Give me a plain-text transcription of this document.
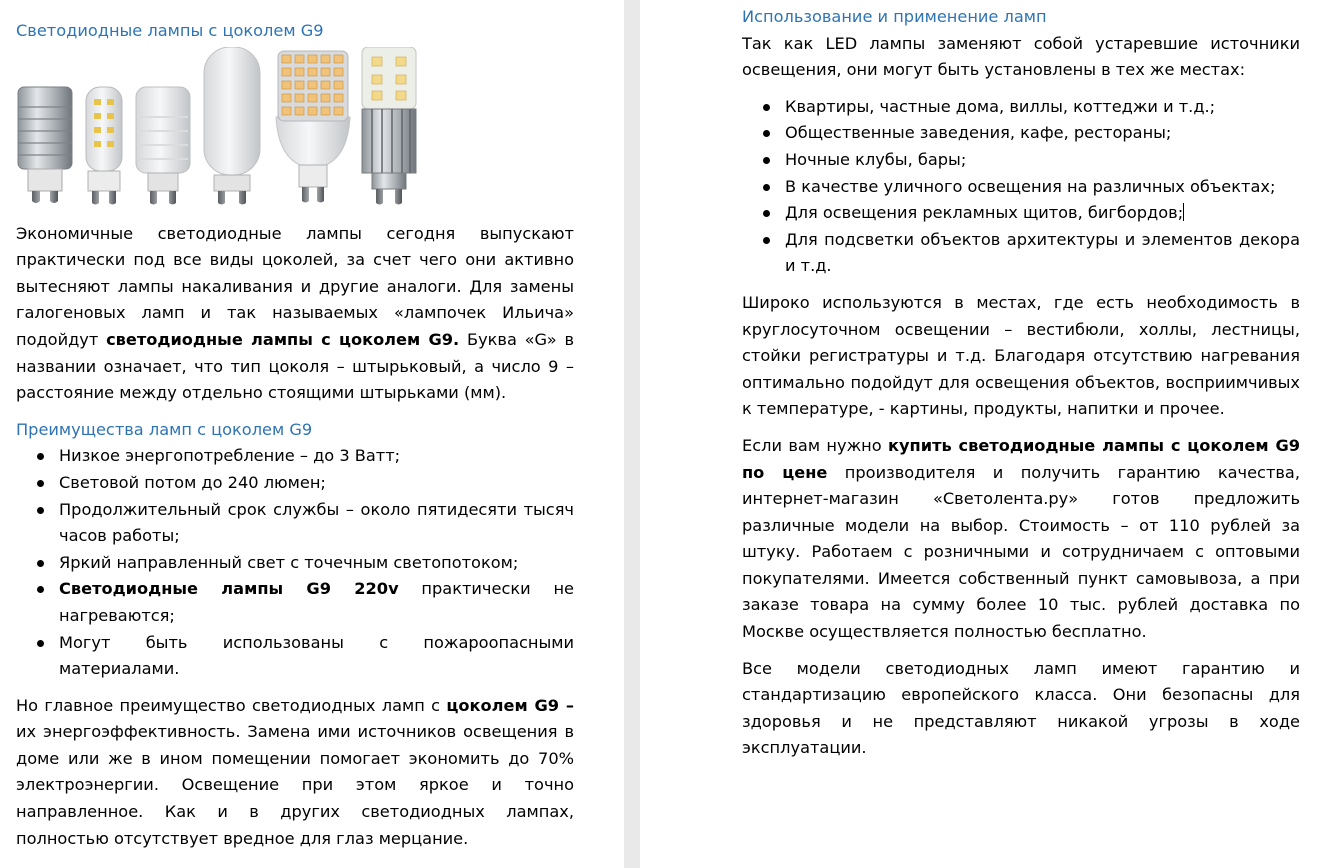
Светодиодные лампы с цоколем G9

Экономичные светодиодные лампы сегодня выпускают практически под все виды цоколей, за счет чего они активно вытесняют лампы накаливания и другие аналоги. Для замены галогеновых ламп и так называемых «лампочек Ильича» подойдут светодиодные лампы с цоколем G9. Буква «G» в названии означает, что тип цоколя – штырьковый, а число 9 – расстояние между отдельно стоящими штырьками (мм).

Преимущества ламп с цоколем G9
Низкое энергопотребление – до 3 Ватт;
Световой потом до 240 люмен;
Продолжительный срок службы – около пятидесяти тысяч часов работы;
Яркий направленный свет с точечным светопотоком;
Светодиодные лампы G9 220v практически не нагреваются;
Могут быть использованы с пожароопасными материалами.

Но главное преимущество светодиодных ламп с цоколем G9 – их энергоэффективность. Замена ими источников освещения в доме или же в ином помещении помогает экономить до 70% электроэнергии. Освещение при этом яркое и точно направленное. Как и в других светодиодных лампах, полностью отсутствует вредное для глаз мерцание.

Использование и применение ламп

Так как LED лампы заменяют собой устаревшие источники освещения, они могут быть установлены в тех же местах:

Квартиры, частные дома, виллы, коттеджи и т.д.;
Общественные заведения, кафе, рестораны;
Ночные клубы, бары;
В качестве уличного освещения на различных объектах;
Для освещения рекламных щитов, бигбордов;
Для подсветки объектов архитектуры и элементов декора и т.д.

Широко используются в местах, где есть необходимость в круглосуточном освещении – вестибюли, холлы, лестницы, стойки регистратуры и т.д. Благодаря отсутствию нагревания оптимально подойдут для освещения объектов, восприимчивых к температуре, - картины, продукты, напитки и прочее.

Если вам нужно купить светодиодные лампы с цоколем G9 по цене производителя и получить гарантию качества, интернет-магазин «Светолента.ру» готов предложить различные модели на выбор. Стоимость – от 110 рублей за штуку. Работаем с розничными и сотрудничаем с оптовыми покупателями. Имеется собственный пункт самовывоза, а при заказе товара на сумму более 10 тыс. рублей доставка по Москве осуществляется полностью бесплатно.

Все модели светодиодных ламп имеют гарантию и стандартизацию европейского класса. Они безопасны для здоровья и не представляют никакой угрозы в ходе эксплуатации.
